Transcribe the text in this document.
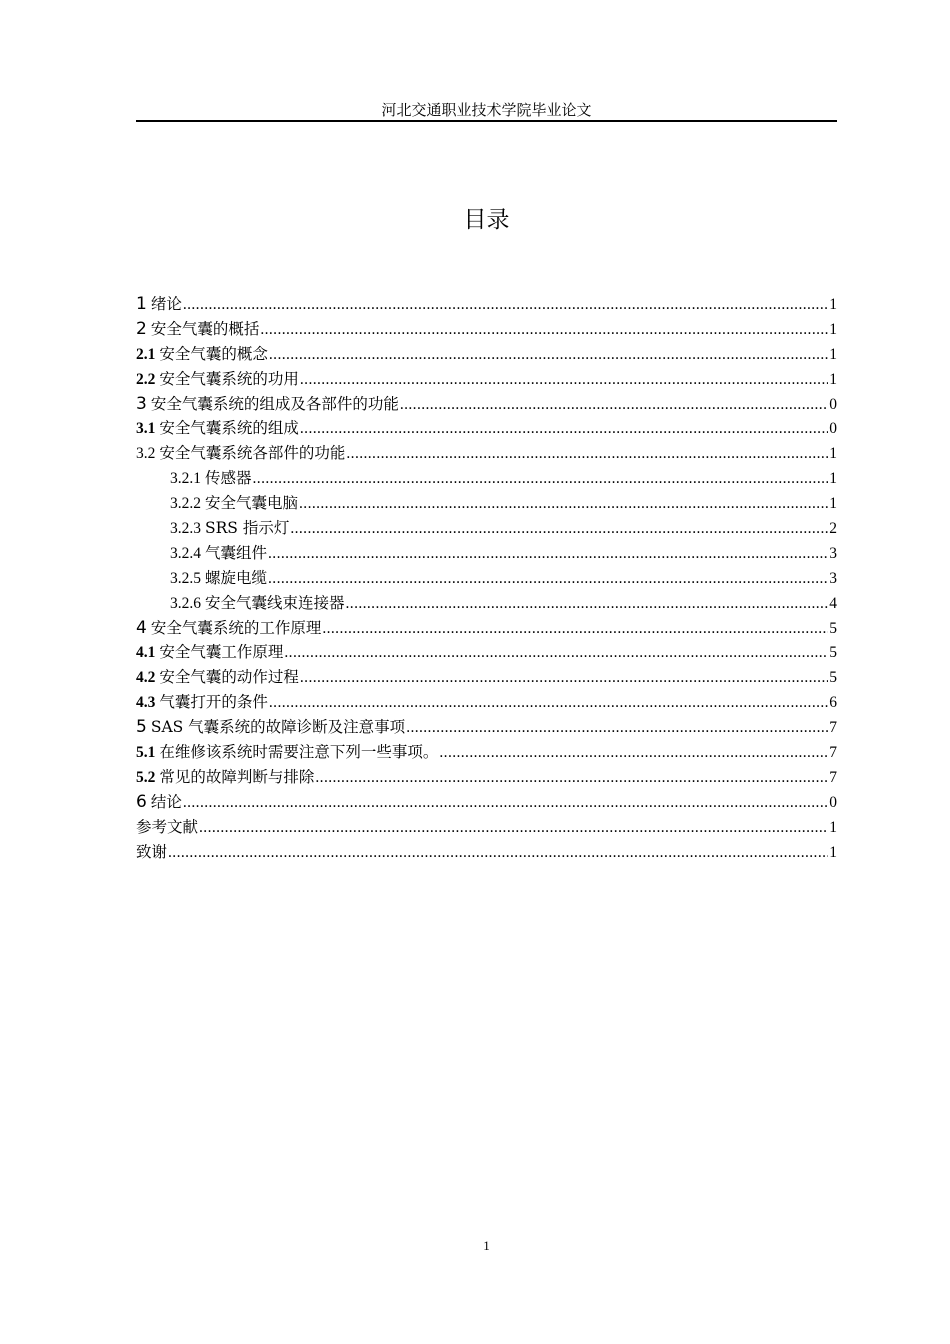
河北交通职业技术学院毕业论文
目录
1 绪论 .....	1
2 安全气囊的概括 .....	1
2.1 安全气囊的概念 .....	1
2.2 安全气囊系统的功用 .....	1
3 安全气囊系统的组成及各部件的功能 .....	0
3.1 安全气囊系统的组成 .....	0
3.2 安全气囊系统各部件的功能 .....	1
3.2.1 传感器 .....	1
3.2.2 安全气囊电脑 .....	1
3.2.3 SRS 指示灯 .....	2
3.2.4 气囊组件 .....	3
3.2.5 螺旋电缆 .....	3
3.2.6 安全气囊线束连接器 .....	4
4 安全气囊系统的工作原理 .....	5
4.1 安全气囊工作原理 .....	5
4.2 安全气囊的动作过程 .....	5
4.3 气囊打开的条件 .....	6
5 SAS 气囊系统的故障诊断及注意事项 .....	7
5.1 在维修该系统时需要注意下列一些事项。 .....	7
5.2 常见的故障判断与排除 .....	7
6 结论 .....	0
参考文献 .....	1
致谢 .....	1
1
